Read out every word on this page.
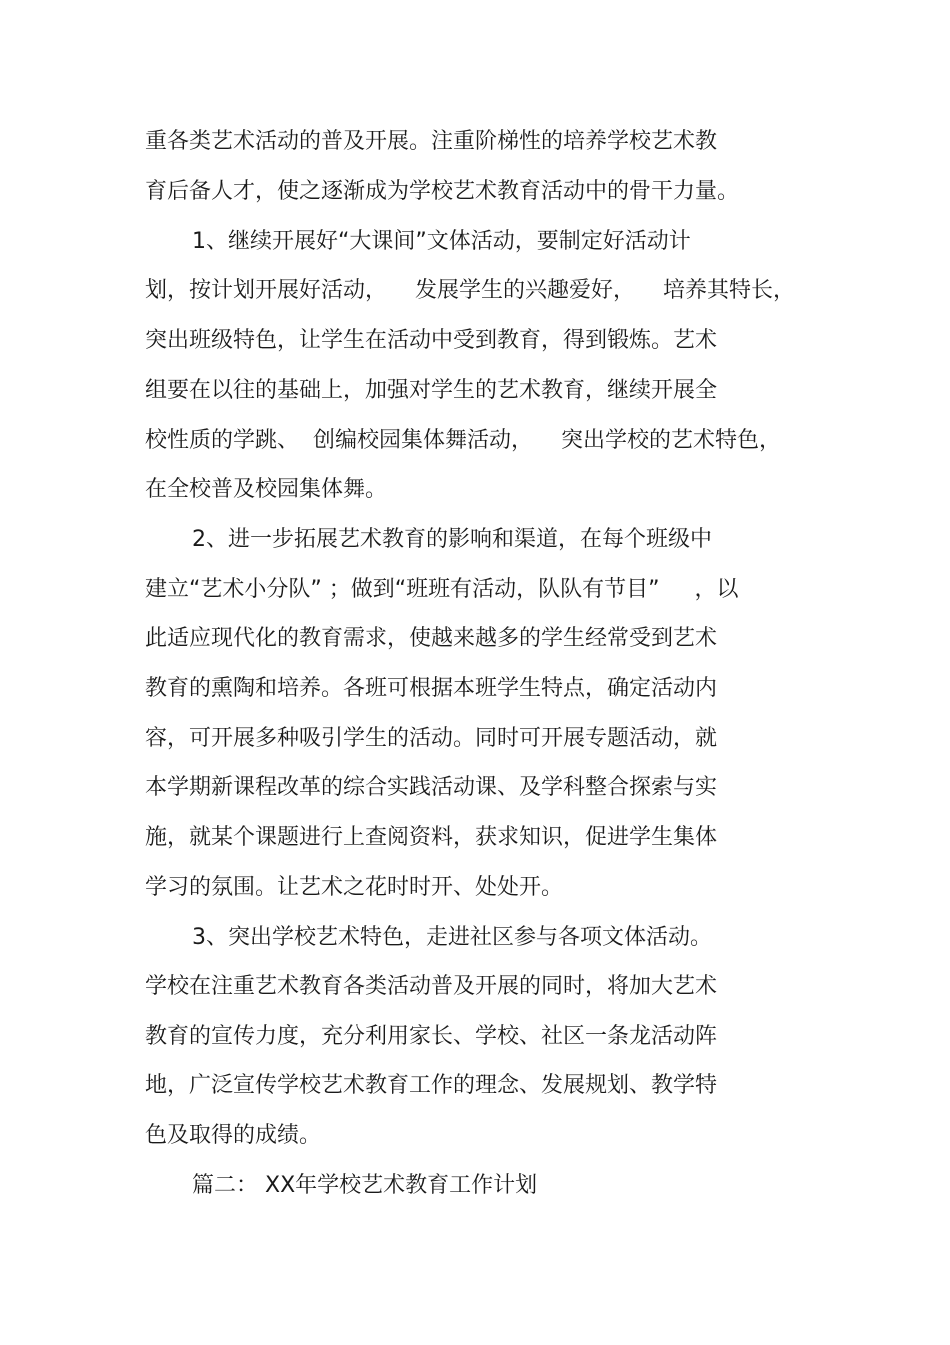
重各类艺术活动的普及开展。注重阶梯性的培养学校艺术教

育后备人才，使之逐渐成为学校艺术教育活动中的骨干力量。

1、继续开展好“大课间”文体活动，要制定好活动计

划，按计划开展好活动，    发展学生的兴趣爱好，    培养其特长，

突出班级特色，让学生在活动中受到教育，得到锻炼。艺术

组要在以往的基础上，加强对学生的艺术教育，继续开展全

校性质的学跳、  创编校园集体舞活动，    突出学校的艺术特色，

在全校普及校园集体舞。

2、进一步拓展艺术教育的影响和渠道，在每个班级中

建立“艺术小分队” ；做到“班班有活动，队队有节目”     ，以

此适应现代化的教育需求，使越来越多的学生经常受到艺术

教育的熏陶和培养。各班可根据本班学生特点，确定活动内

容，可开展多种吸引学生的活动。同时可开展专题活动，就

本学期新课程改革的综合实践活动课、及学科整合探索与实

施，就某个课题进行上查阅资料，获求知识，促进学生集体

学习的氛围。让艺术之花时时开、处处开。

3、突出学校艺术特色，走进社区参与各项文体活动。

学校在注重艺术教育各类活动普及开展的同时，将加大艺术

教育的宣传力度，充分利用家长、学校、社区一条龙活动阵

地，广泛宣传学校艺术教育工作的理念、发展规划、教学特

色及取得的成绩。

篇二： XX年学校艺术教育工作计划
